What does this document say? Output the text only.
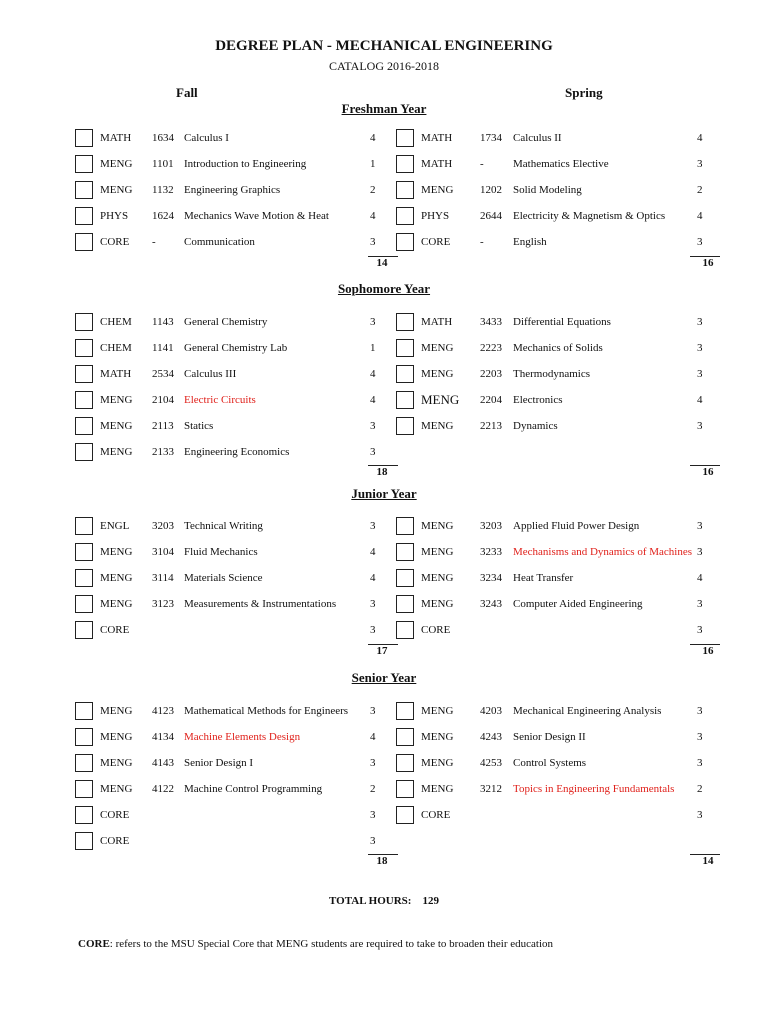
DEGREE PLAN - MECHANICAL ENGINEERING
CATALOG 2016-2018
Fall	Spring
Freshman Year
MATH 1634 Calculus I	4
MENG 1101 Introduction to Engineering	1
MENG 1132 Engineering Graphics	2
PHYS 1624 Mechanics Wave Motion & Heat	4
CORE -	Communication	3
MATH	1734 Calculus II	4
MATH	-	Mathematics Elective	3
MENG 1202 Solid Modeling	2
PHYS	2644 Electricity & Magnetism & Optics	4
CORE	-	English	3
14	16
Sophomore Year
CHEM 1143 General Chemistry	3
CHEM 1141 General Chemistry Lab	1
MATH 2534 Calculus III	4
MENG 2104 Electric Circuits	4
MENG 2113 Statics	3
MENG 2133 Engineering Economics	3
MATH	3433 Differential Equations	3
MENG 2223 Mechanics of Solids	3
MENG 2203 Thermodynamics	3
MENG 2204 Electronics	4
MENG 2213 Dynamics	3
18	16
Junior Year
ENGL 3203 Technical Writing	3
MENG 3104 Fluid Mechanics	4
MENG 3114 Materials Science	4
MENG 3123 Measurements & Instrumentations	3
CORE	3
MENG 3203 Applied Fluid Power Design	3
MENG 3233 Mechanisms and Dynamics of Machines 3
MENG 3234 Heat Transfer	4
MENG 3243 Computer Aided Engineering	3
CORE	3
17	16
Senior Year
MENG 4123 Mathematical Methods for Engineers 3
MENG 4134 Machine Elements Design	4
MENG 4143 Senior Design I	3
MENG 4122 Machine Control Programming	2
CORE	3
CORE	3
MENG 4203 Mechanical Engineering Analysis	3
MENG 4243 Senior Design II	3
MENG 4253 Control Systems	3
MENG 3212 Topics in Engineering Fundamentals 2
CORE	3
18	14
TOTAL HOURS: 129
CORE: refers to the MSU Special Core that MENG students are required to take to broaden their education
